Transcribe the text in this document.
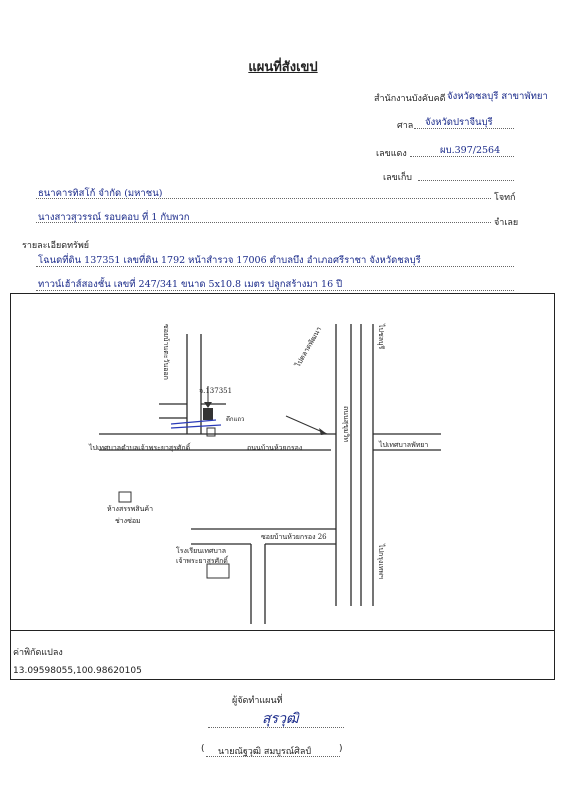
แผนที่สังเขป
สำนักงานบังคับคดี จังหวัดชลบุรี สาขาพัทยา
ศาล จังหวัดปราจีนบุรี
เลขแดง	ผบ.397/2564
เลขเก็บ
ธนาคารทิสโก้ จำกัด (มหาชน)	โจทก์
นางสาวสุวรรณ์ รอบคอบ ที่ 1 กับพวก	จำเลย
รายละเอียดทรัพย์
โฉนดที่ดิน 137351 เลขที่ดิน 1792 หน้าสำรวจ 17006 ตำบลบึง อำเภอศรีราชา จังหวัดชลบุรี
ทาวน์เฮ้าส์สองชั้น เลขที่ 247/341 ขนาด 5x10.8 เมตร ปลูกสร้างมา 16 ปี
จ.137351
ไปเทศบาลตำบลเจ้าพระยาสุรศักดิ์	ถนนบ้านห้วยกรอง
ตึกแถว
ห้างสรรพสินค้า
ช่างซ่อม
โรงเรียนเทศบาล
เจ้าพระยาสุรศักดิ์
ซอยบ้านห้วยกรอง 26
ไปเทศบาลพัทยา
ซอยบ้านตะวันออก
ถนนสุขุมวิท
ไปตลาดพัฒนา	ไปชลบุรี
ไปกรุงเทพฯ
ค่าพิกัดแปลง
13.09598055,100.98620105
ผู้จัดทำแผนที่
สุรวุฒิ
( นายณัฐวุฒิ สมบูรณ์ศิลป์	)
